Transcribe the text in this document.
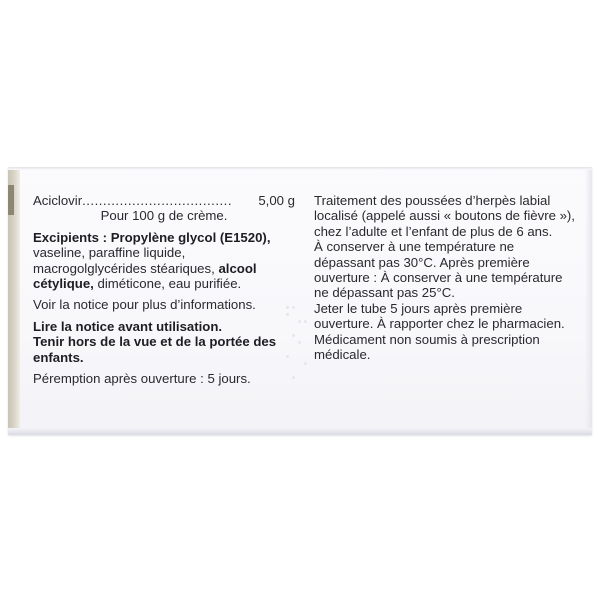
Aciclovir ....................................	5,00 g

Pour 100 g de crème.

Excipients : Propylène glycol (E1520), vaseline, paraffine liquide, macrogolglycérides stéariques, alcool cétylique, diméticone, eau purifiée.

Voir la notice pour plus d’informations.

Lire la notice avant utilisation.

Tenir hors de la vue et de la portée des enfants.

Péremption après ouverture : 5 jours.

Traitement des poussées d’herpès labial localisé (appelé aussi « boutons de fièvre »), chez l’adulte et l’enfant de plus de 6 ans.

À conserver à une température ne dépassant pas 30°C. Après première ouverture : À conserver à une température ne dépassant pas 25°C.

Jeter le tube 5 jours après première ouverture. À rapporter chez le pharmacien.

Médicament non soumis à prescription médicale.
